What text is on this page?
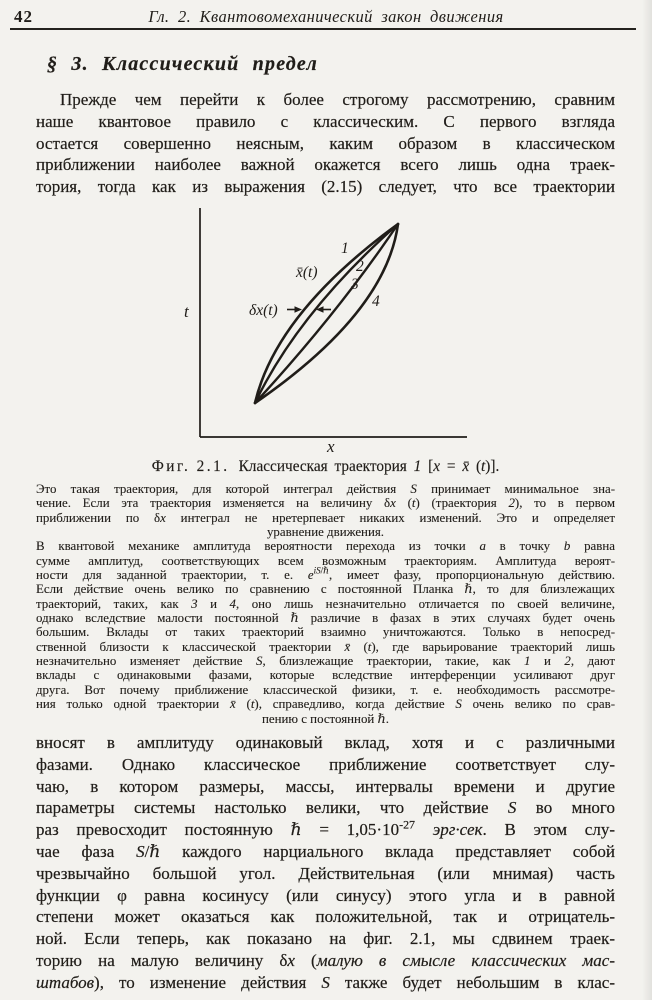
42	Гл. 2. Квантовомеханический закон движения
§ 3. Классический предел
Прежде чем перейти к более строгому рассмотрению, сравним
наше квантовое правило с классическим. С первого взгляда
остается совершенно неясным, каким образом в классическом
приближении наиболее важной окажется всего лишь одна траек-
тория, тогда как из выражения (2.15) следует, что все траектории
t
x
1
2
3
4
x̄(t)
δx(t)
Фиг. 2.1. Классическая траектория 1 [x = x̄ (t)].
Это такая траектория, для которой интеграл действия S принимает минимальное зна-
чение. Если эта траектория изменяется на величину δx (t) (траектория 2), то в первом
приближении по δx интеграл не нретерпевает никаких изменений. Это и определяет
уравнение движения.
В квантовой механике амплитуда вероятности перехода из точки a в точку b равна
сумме амплитуд, соответствующих всем возможным траекториям. Амплитуда вероят-
ности для заданной траектории, т. е. $e^{iS/\hbar}$, имеет фазу, пропорциональную действию.
Если действие очень велико по сравнению с постоянной Планка ℏ, то для близлежащих
траекторий, таких, как 3 и 4, оно лишь незначительно отличается по своей величине,
однако вследствие малости постоянной ℏ различие в фазах в этих случаях будет очень
большим. Вклады от таких траекторий взаимно уничтожаются. Только в непосред-
ственной близости к классической траектории x̄ (t), где варьирование траекторий лишь
незначительно изменяет действие S, близлежащие траектории, такие, как 1 и 2, дают
вклады с одинаковыми фазами, которые вследствие интерференции усиливают друг
друга. Вот почему приближение классической физики, т. е. необходимость рассмотре-
ния только одной траектории x̄ (t), справедливо, когда действие S очень велико по срав-
пению с постоянной ℏ.
вносят в амплитуду одинаковый вклад, хотя и с различными
фазами. Однако классическое приближение соответствует слу-
чаю, в котором размеры, массы, интервалы времени и другие
параметры системы настолько велики, что действие S во много
раз превосходит постоянную ℏ = $1,05\cdot 10^{-27}$ эрг·сек. В этом слу-
чае фаза S/ℏ каждого нарциального вклада представляет собой
чрезвычайно большой угол. Действительная (или мнимая) часть
функции φ равна косинусу (или синусу) этого угла и в равной
степени может оказаться как положительной, так и отрицатель-
ной. Если теперь, как показано на фиг. 2.1, мы сдвинем траек-
торию на малую величину δx (малую в смысле классических мас-
штабов), то изменение действия S также будет небольшим в клас-
